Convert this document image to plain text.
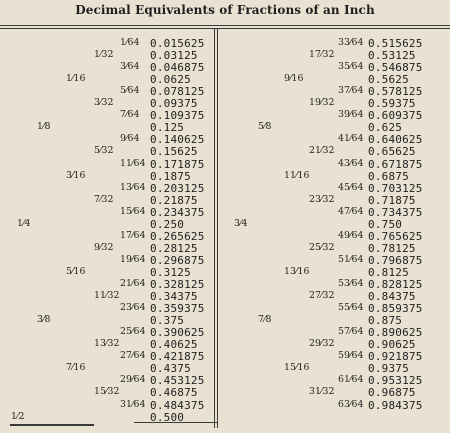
Decimal Equivalents of Fractions of an Inch
1⁄64 0.015625
1⁄32	0.03125
3⁄64 0.046875
1⁄16	0.0625
5⁄64 0.078125
3⁄32	0.09375
7⁄64 0.109375
1⁄8	0.125
9⁄64 0.140625
5⁄32	0.15625
11⁄64 0.171875
3⁄16	0.1875
13⁄64 0.203125
7⁄32	0.21875
15⁄64 0.234375
1⁄4	0.250
17⁄64 0.265625
9⁄32	0.28125
19⁄64 0.296875
5⁄16	0.3125
21⁄64 0.328125
11⁄32	0.34375
23⁄64 0.359375
3⁄8	0.375
25⁄64 0.390625
13⁄32	0.40625
27⁄64 0.421875
7⁄16	0.4375
29⁄64 0.453125
15⁄32	0.46875
31⁄64 0.484375
1⁄2	0.500
33⁄64 0.515625
17⁄32	0.53125
35⁄64 0.546875
9⁄16	0.5625
37⁄64 0.578125
19⁄32	0.59375
39⁄64 0.609375
5⁄8	0.625
41⁄64 0.640625
21⁄32	0.65625
43⁄64 0.671875
11⁄16	0.6875
45⁄64 0.703125
23⁄32	0.71875
47⁄64 0.734375
3⁄4	0.750
49⁄64 0.765625
25⁄32	0.78125
51⁄64 0.796875
13⁄16	0.8125
53⁄64 0.828125
27⁄32	0.84375
55⁄64 0.859375
7⁄8	0.875
57⁄64 0.890625
29⁄32	0.90625
59⁄64 0.921875
15⁄16	0.9375
61⁄64 0.953125
31⁄32	0.96875
63⁄64 0.984375
